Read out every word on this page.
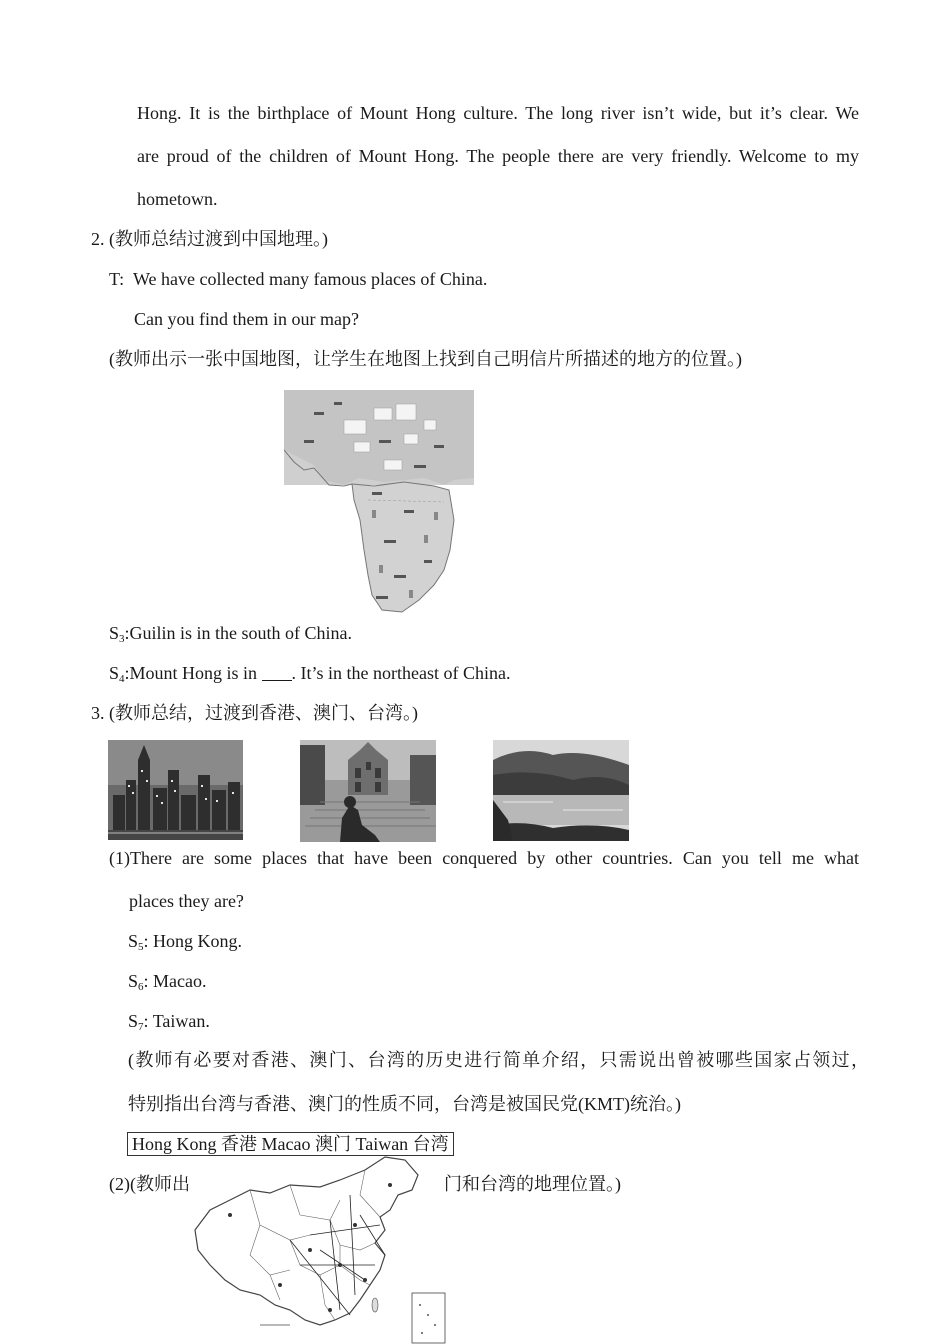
Hong. It is the birthplace of Mount Hong culture. The long river isn’t wide, but it’s clear. We
are proud of the children of Mount Hong. The people there are very friendly. Welcome to my
hometown.
2. (教师总结过渡到中国地理。)
T: We have collected many famous places of China.
Can you find them in our map?
(教师出示一张中国地图，让学生在地图上找到自己明信片所描述的地方的位置。)
$S_3:Guilin$ is in the south of China.
$S_4:Mount$ Hong is in . It’s in the northeast of China.
3. (教师总结，过渡到香港、澳门、台湾。)
(1)There are some places that have been conquered by other countries. Can you tell me what
places they are?
$S_5$: Hong Kong.
$S_6$: Macao.
$S_7$: Taiwan.
(教师有必要对香港、澳门、台湾的历史进行简单介绍，只需说出曾被哪些国家占领过，
特别指出台湾与香港、澳门的性质不同，台湾是被国民党(KMT)统治。)
Hong Kong 香港 Macao 澳门 Taiwan 台湾
(2)(教师出	门和台湾的地理位置。)
